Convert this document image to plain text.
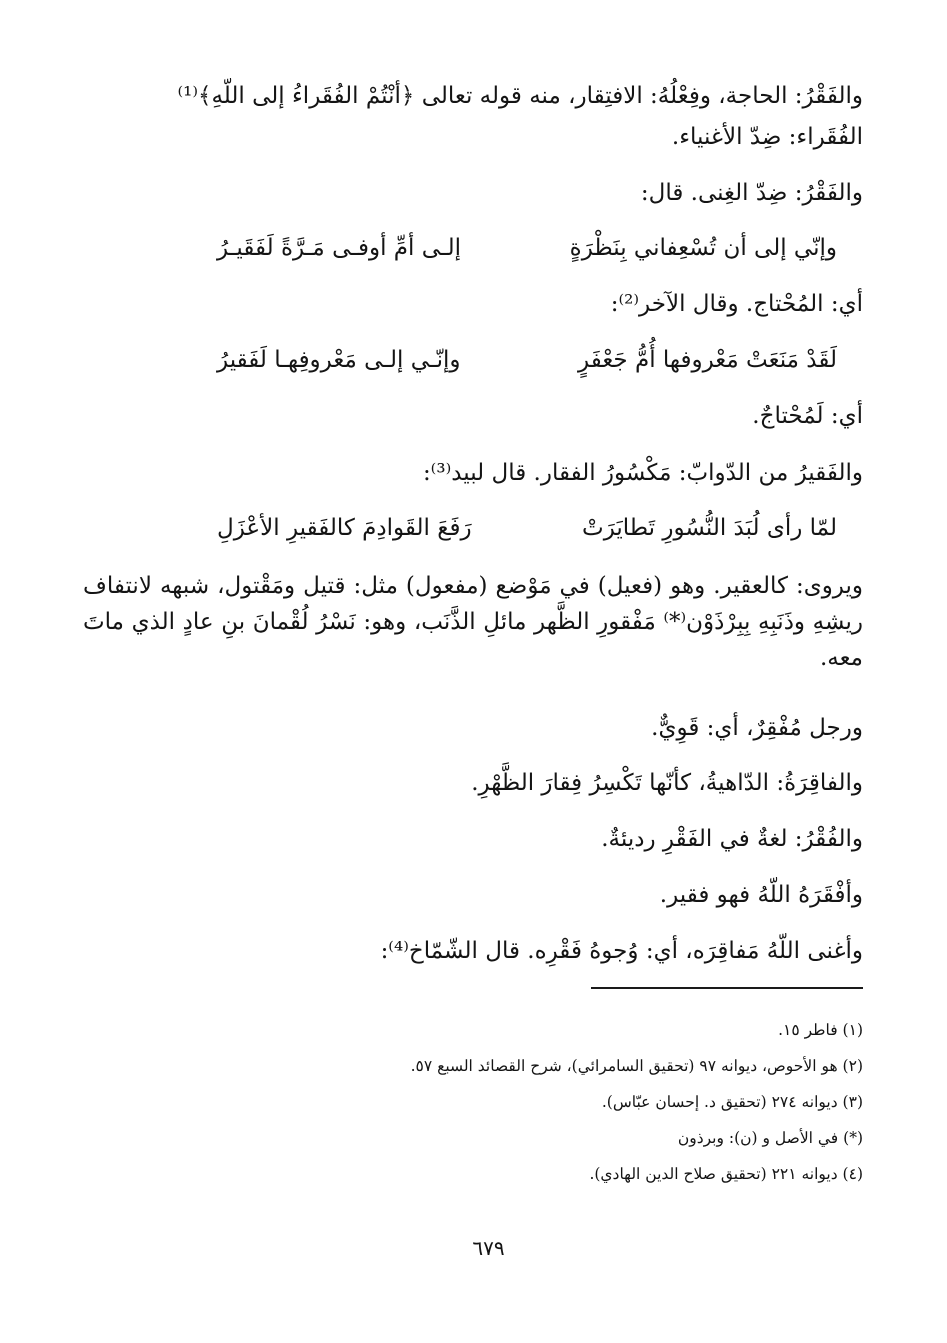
والفَقْرُ: الحاجة، وفِعْلُهُ: الافتِقار، منه قوله تعالى ﴿أنْتُمْ الفُقَراءُ إلى اللّهِ﴾⁽¹⁾
الفُقَراء: ضِدّ الأغنياء.
والفَقْرُ: ضِدّ الغِنى. قال:
وإنّي إلى أن تُسْعِفاني بِنَظْرَةٍ
إلـى أمِّ أوفـى مَـرَّةً لَفَقَيـرُ
أي: المُحْتاج. وقال الآخر⁽²⁾:
لَقَدْ مَنَعَتْ مَعْروفها أُمُّ جَعْفَرٍ
وإنّـي إلـى مَعْروفِهـا لَفَقيرُ
أي: لَمُحْتاجٌ.
والفَقيرُ من الدّوابّ: مَكْسُورُ الفقار. قال لبيد⁽³⁾:
لمّا رأى لُبَدَ النُّسُورِ تَطايَرَتْ
رَفَعَ القَوادِمَ كالفَقيرِ الأعْزَلِ
ويروى: كالعقير. وهو (فعيل) في مَوْضع (مفعول) مثل: قتيل ومَقْتول، شبهه لانتفاف ريشِهِ وذَنَبِهِ بِبِرْذَوْن⁽*⁾ مَفْقورِ الظَّهر مائلِ الذَّنَب، وهو: نَسْرُ لُقْمانَ بنِ عادٍ الذي ماتَ معه.
ورجل مُفْقِرٌ، أي: قَوِيٌّ.
والفاقِرَةُ: الدّاهيةُ، كأنّها تَكْسِرُ فِقارَ الظَّهْرِ.
والفُقْرُ: لغةٌ في الفَقْرِ رديئةٌ.
وأفْقَرَهُ اللّهُ فهو فقير.
وأغنى اللّهُ مَفاقِرَه، أي: وُجوهُ فَقْرِه. قال الشّمّاخ⁽⁴⁾:
(١) فاطر ١٥.
(٢) هو الأحوص، ديوانه ٩٧ (تحقيق السامرائي)، شرح القصائد السبع ٥٧.
(٣) ديوانه ٢٧٤ (تحقيق د. إحسان عبّاس).
(*) في الأصل و (ن): وبرذون
(٤) ديوانه ٢٢١ (تحقيق صلاح الدين الهادي).
٦٧٩
